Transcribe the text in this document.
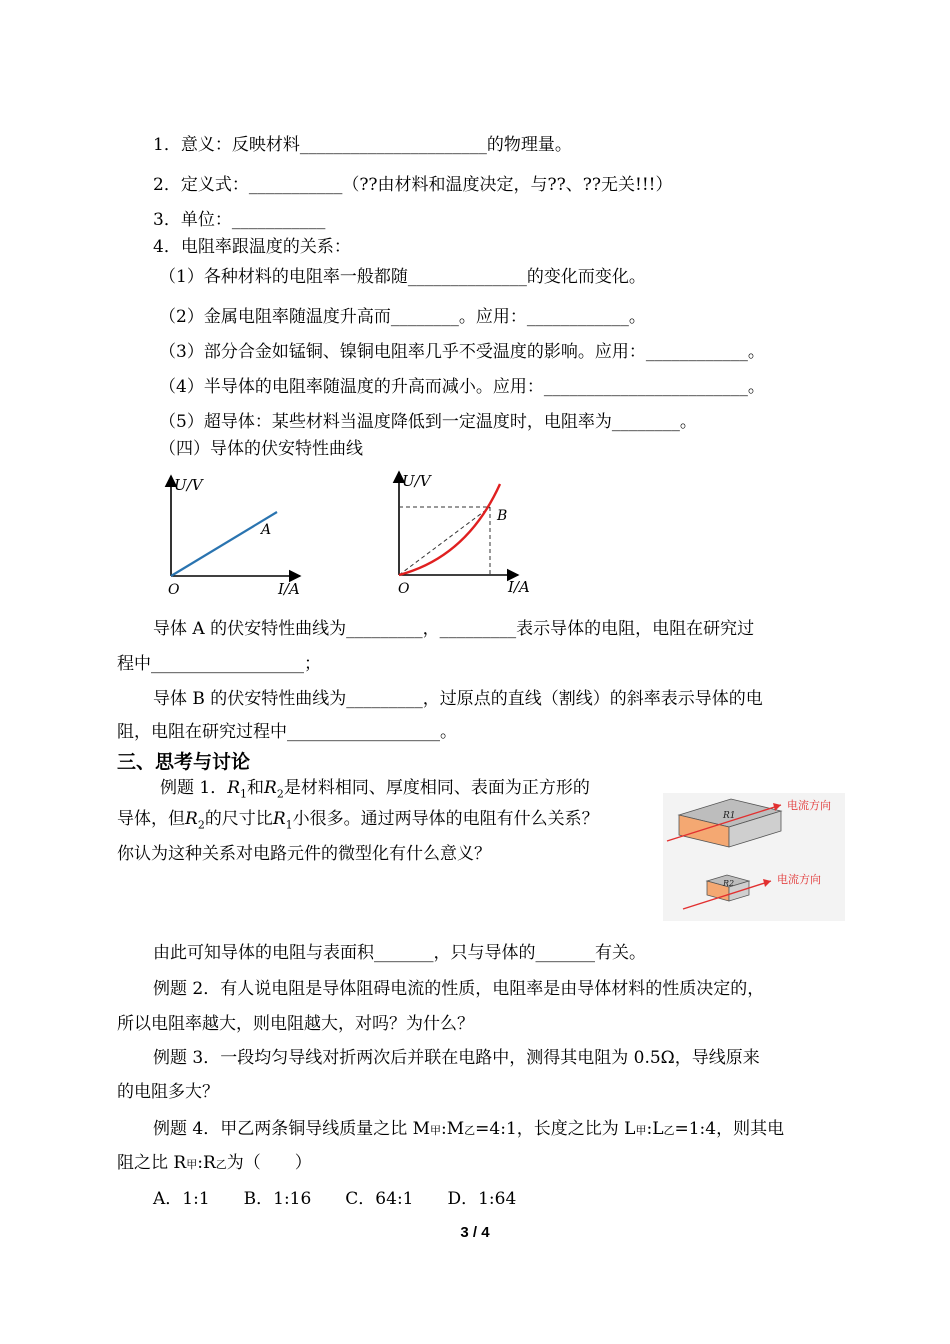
1．意义：反映材料______________________的物理量。
2．定义式：___________（??由材料和温度决定，与??、??无关!!!）
3．单位：___________
4．电阻率跟温度的关系：
（1）各种材料的电阻率一般都随______________的变化而变化。
（2）金属电阻率随温度升高而________。应用：____________。
（3）部分合金如锰铜、镍铜电阻率几乎不受温度的影响。应用：____________。
（4）半导体的电阻率随温度的升高而减小。应用：________________________。
（5）超导体：某些材料当温度降低到一定温度时，电阻率为________。
（四）导体的伏安特性曲线
U/V
I/A
O
A
U/V
I/A
O
B
导体 A 的伏安特性曲线为_________，_________表示导体的电阻，电阻在研究过
程中__________________；
导体 B 的伏安特性曲线为_________，过原点的直线（割线）的斜率表示导体的电
阻，电阻在研究过程中__________________。
三、思考与讨论
例题 1．$R_1$和$R_2$是材料相同、厚度相同、表面为正方形的
导体，但$R_2$的尺寸比$R_1$小很多。通过两导体的电阻有什么关系？
你认为这种关系对电路元件的微型化有什么意义？
R1
电流方向
R2	电流方向
由此可知导体的电阻与表面积_______，只与导体的_______有关。
例题 2．有人说电阻是导体阻碍电流的性质，电阻率是由导体材料的性质决定的，
所以电阻率越大，则电阻越大，对吗？为什么？
例题 3．一段均匀导线对折两次后并联在电路中，测得其电阻为 0.5Ω，导线原来
的电阻多大？
例题 4．甲乙两条铜导线质量之比 M甲:M乙=4:1，长度之比为 L甲:L乙=1:4，则其电
阻之比 R甲:R乙为（　　）
A．1:1　　B．1:16　　C．64:1　　D．1:64
3 / 4
